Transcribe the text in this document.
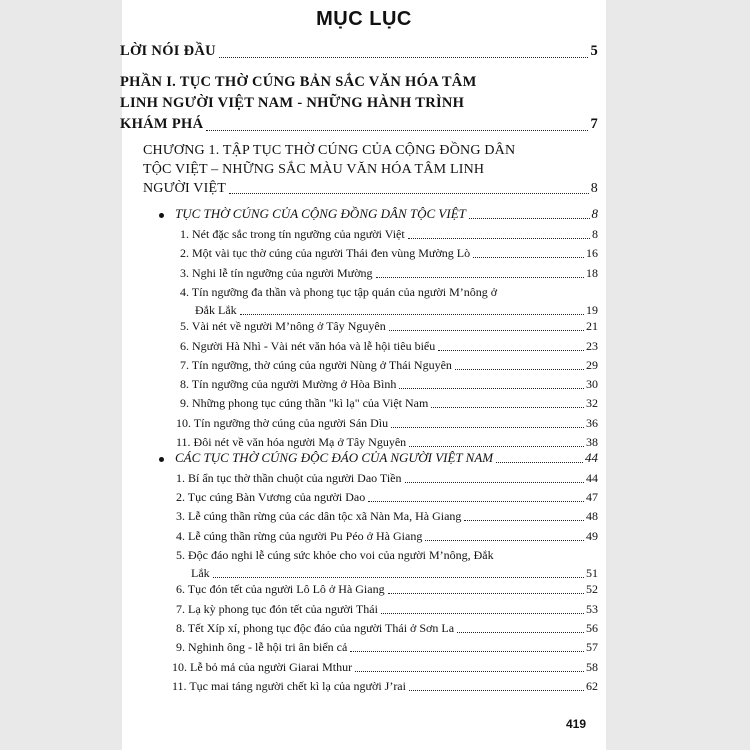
MỤC LỤC
LỜI NÓI ĐẦU	5
PHẦN I. TỤC THỜ CÚNG BẢN SẮC VĂN HÓA TÂM
LINH NGƯỜI VIỆT NAM - NHỮNG HÀNH TRÌNH
KHÁM PHÁ	7
CHƯƠNG 1. TẬP TỤC THỜ CÚNG CỦA CỘNG ĐỒNG DÂN
TỘC VIỆT – NHỮNG SẮC MÀU VĂN HÓA TÂM LINH
NGƯỜI VIỆT	8
TỤC THỜ CÚNG CỦA CỘNG ĐỒNG DÂN TỘC VIỆT	8
1. Nét đặc sắc trong tín ngưỡng của người Việt	8
2. Một vài tục thờ cúng của người Thái đen vùng Mường Lò	16
3. Nghi lễ tín ngưỡng của người Mường	18
4. Tín ngưỡng đa thần và phong tục tập quán của người M’nông ở
Đắk Lắk	19
5. Vài nét về người M’nông ở Tây Nguyên	21
6. Người Hà Nhì - Vài nét văn hóa và lễ hội tiêu biểu	23
7. Tín ngưỡng, thờ cúng của người Nùng ở Thái Nguyên	29
8. Tín ngưỡng của người Mường ở Hòa Bình	30
9. Những phong tục cúng thần "kì lạ" của Việt Nam	32
10. Tín ngưỡng thờ cúng của người Sán Dìu	36
11. Đôi nét về văn hóa người Mạ ở Tây Nguyên	38
CÁC TỤC THỜ CÚNG ĐỘC ĐÁO CỦA NGƯỜI VIỆT NAM	44
1. Bí ẩn tục thờ thần chuột của người Dao Tiền	44
2. Tục cúng Bàn Vương của người Dao	47
3. Lễ cúng thần rừng của các dân tộc xã Nàn Ma, Hà Giang	48
4. Lễ cúng thần rừng của người Pu Péo ở Hà Giang	49
5. Độc đáo nghi lễ cúng sức khỏe cho voi của người M’nông, Đắk
Lắk	51
6. Tục đón tết của người Lô Lô ở Hà Giang	52
7. Lạ kỳ phong tục đón tết của người Thái	53
8. Tết Xíp xí, phong tục độc đáo của người Thái ở Sơn La	56
9. Nghinh ông - lễ hội tri ân biển cả	57
10. Lễ bỏ mả của người Giarai Mthur	58
11. Tục mai táng người chết kì lạ của người J’rai	62
419
